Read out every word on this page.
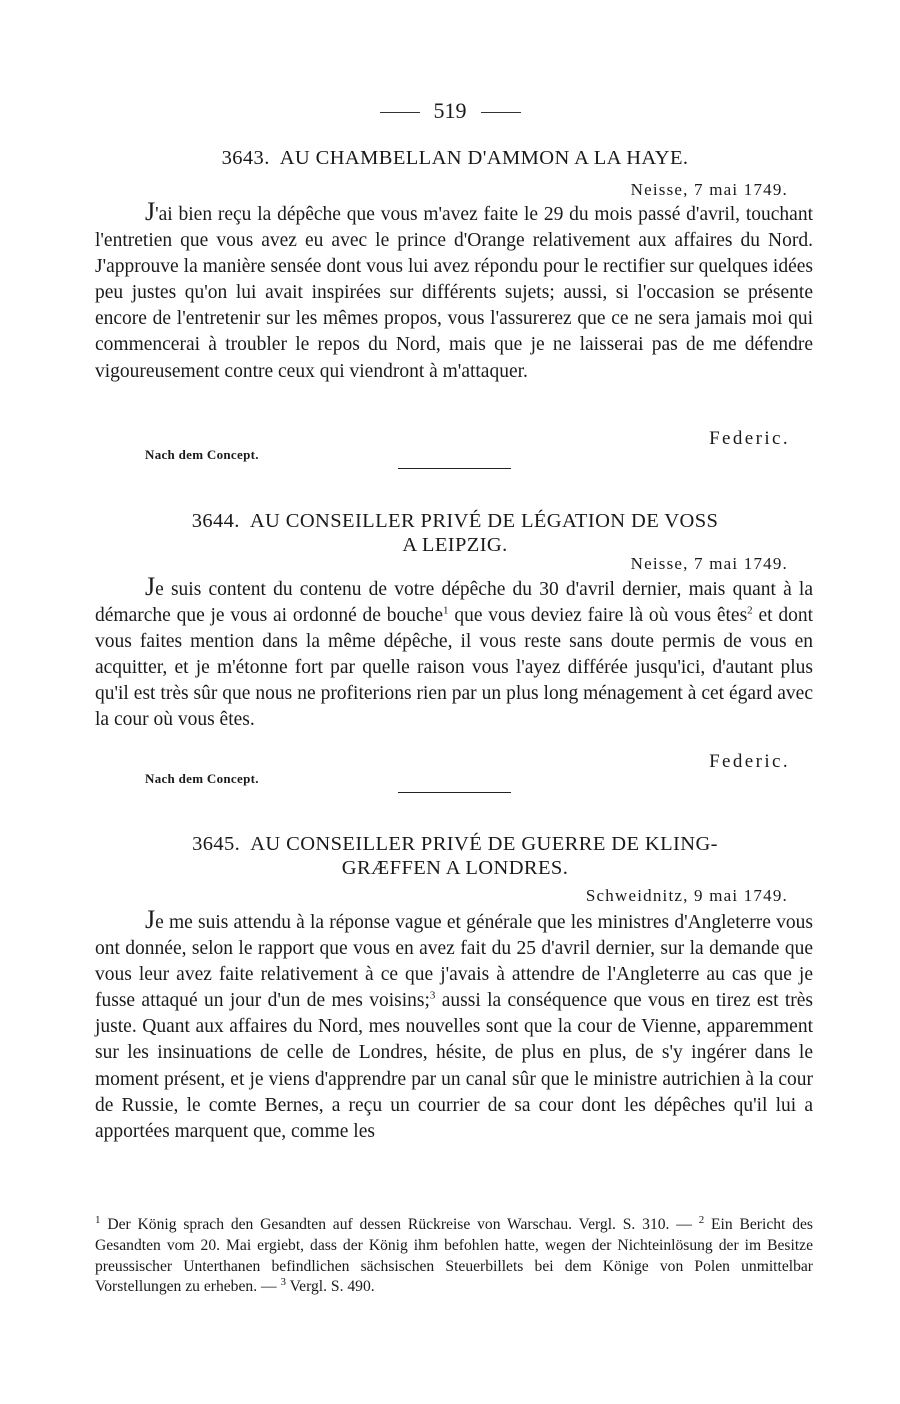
519
3643. AU CHAMBELLAN D'AMMON A LA HAYE.
Neisse, 7 mai 1749.

J'ai bien reçu la dépêche que vous m'avez faite le 29 du mois passé d'avril, touchant l'entretien que vous avez eu avec le prince d'Orange relativement aux affaires du Nord. J'approuve la manière sensée dont vous lui avez répondu pour le rectifier sur quelques idées peu justes qu'on lui avait inspirées sur différents sujets; aussi, si l'occasion se présente encore de l'entretenir sur les mêmes propos, vous l'assurerez que ce ne sera jamais moi qui commencerai à troubler le repos du Nord, mais que je ne laisserai pas de me défendre vigoureusement contre ceux qui viendront à m'attaquer.

Federic.
Nach dem Concept.
3644. AU CONSEILLER PRIVÉ DE LÉGATION DE VOSS
A LEIPZIG.
Neisse, 7 mai 1749.

Je suis content du contenu de votre dépêche du 30 d'avril dernier, mais quant à la démarche que je vous ai ordonné de bouche$^1$ que vous deviez faire là où vous êtes$^2$ et dont vous faites mention dans la même dépêche, il vous reste sans doute permis de vous en acquitter, et je m'étonne fort par quelle raison vous l'ayez différée jusqu'ici, d'autant plus qu'il est très sûr que nous ne profiterions rien par un plus long ménagement à cet égard avec la cour où vous êtes.

Federic.
Nach dem Concept.
3645. AU CONSEILLER PRIVÉ DE GUERRE DE KLING-
GRÆFFEN A LONDRES.
Schweidnitz, 9 mai 1749.

Je me suis attendu à la réponse vague et générale que les ministres d'Angleterre vous ont donnée, selon le rapport que vous en avez fait du 25 d'avril dernier, sur la demande que vous leur avez faite relativement à ce que j'avais à attendre de l'Angleterre au cas que je fusse attaqué un jour d'un de mes voisins;$^3$ aussi la conséquence que vous en tirez est très juste. Quant aux affaires du Nord, mes nouvelles sont que la cour de Vienne, apparemment sur les insinuations de celle de Londres, hésite, de plus en plus, de s'y ingérer dans le moment présent, et je viens d'apprendre par un canal sûr que le ministre autrichien à la cour de Russie, le comte Bernes, a reçu un courrier de sa cour dont les dépêches qu'il lui a apportées marquent que, comme les

$^1$ Der König sprach den Gesandten auf dessen Rückreise von Warschau. Vergl. S. 310. — $^2$ Ein Bericht des Gesandten vom 20. Mai ergiebt, dass der König ihm befohlen hatte, wegen der Nichteinlösung der im Besitze preussischer Unterthanen befindlichen sächsischen Steuerbillets bei dem Könige von Polen unmittelbar Vorstellungen zu erheben. — $^3$ Vergl. S. 490.
